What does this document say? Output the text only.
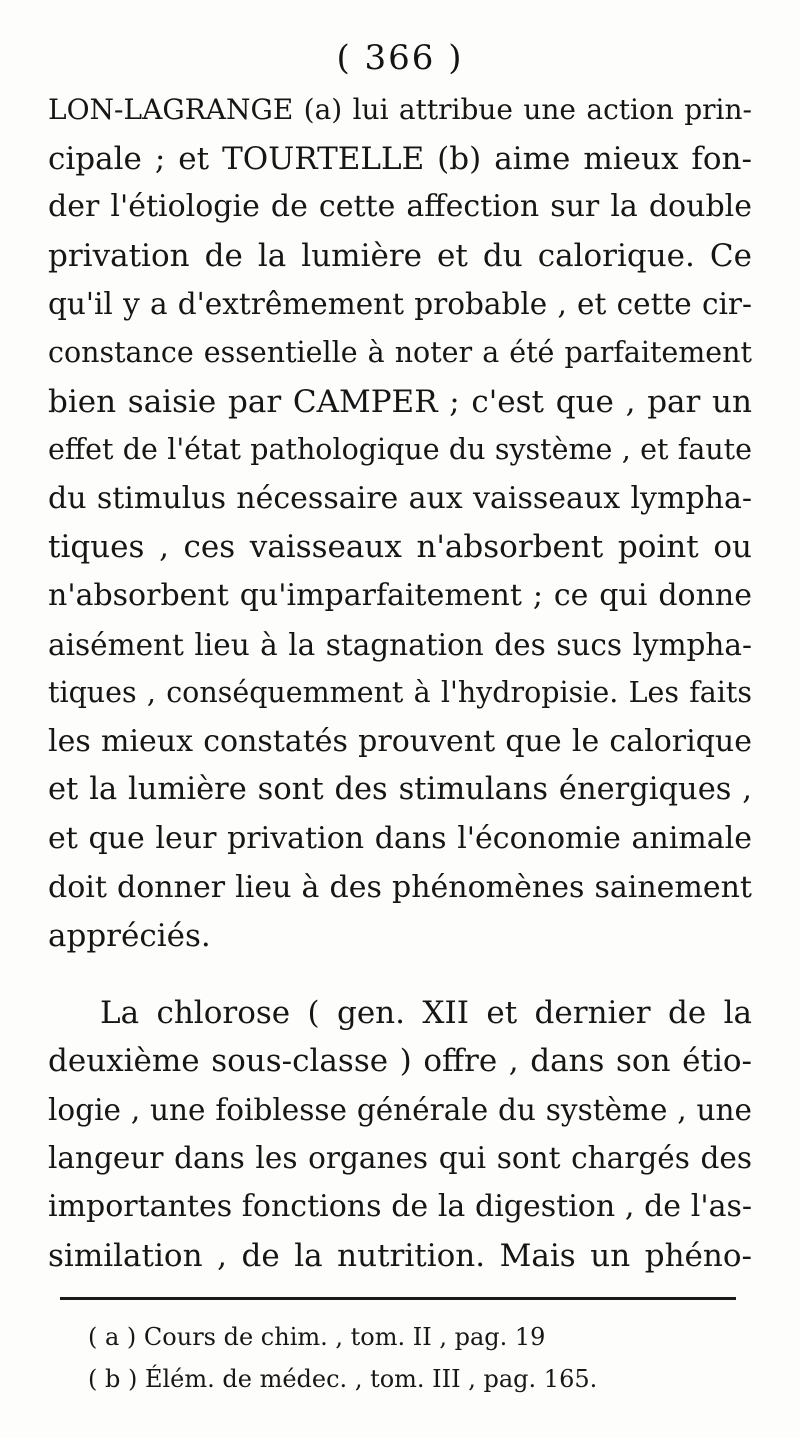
( 366 )
LON-LAGRANGE (a) lui attribue une action prin-
cipale ; et TOURTELLE (b) aime mieux fon-
der l'étiologie de cette affection sur la double
privation de la lumière et du calorique. Ce
qu'il y a d'extrêmement probable , et cette cir-
constance essentielle à noter a été parfaitement
bien saisie par CAMPER ; c'est que , par un
effet de l'état pathologique du système , et faute
du stimulus nécessaire aux vaisseaux lympha-
tiques , ces vaisseaux n'absorbent point ou
n'absorbent qu'imparfaitement ; ce qui donne
aisément lieu à la stagnation des sucs lympha-
tiques , conséquemment à l'hydropisie. Les faits
les mieux constatés prouvent que le calorique
et la lumière sont des stimulans énergiques ,
et que leur privation dans l'économie animale
doit donner lieu à des phénomènes sainement
appréciés.
La chlorose ( gen. XII et dernier de la
deuxième sous-classe ) offre , dans son étio-
logie , une foiblesse générale du système , une
langeur dans les organes qui sont chargés des
importantes fonctions de la digestion , de l'as-
similation , de la nutrition. Mais un phéno-
( a ) Cours de chim. , tom. II , pag. 19
( b ) Élém. de médec. , tom. III , pag. 165.
